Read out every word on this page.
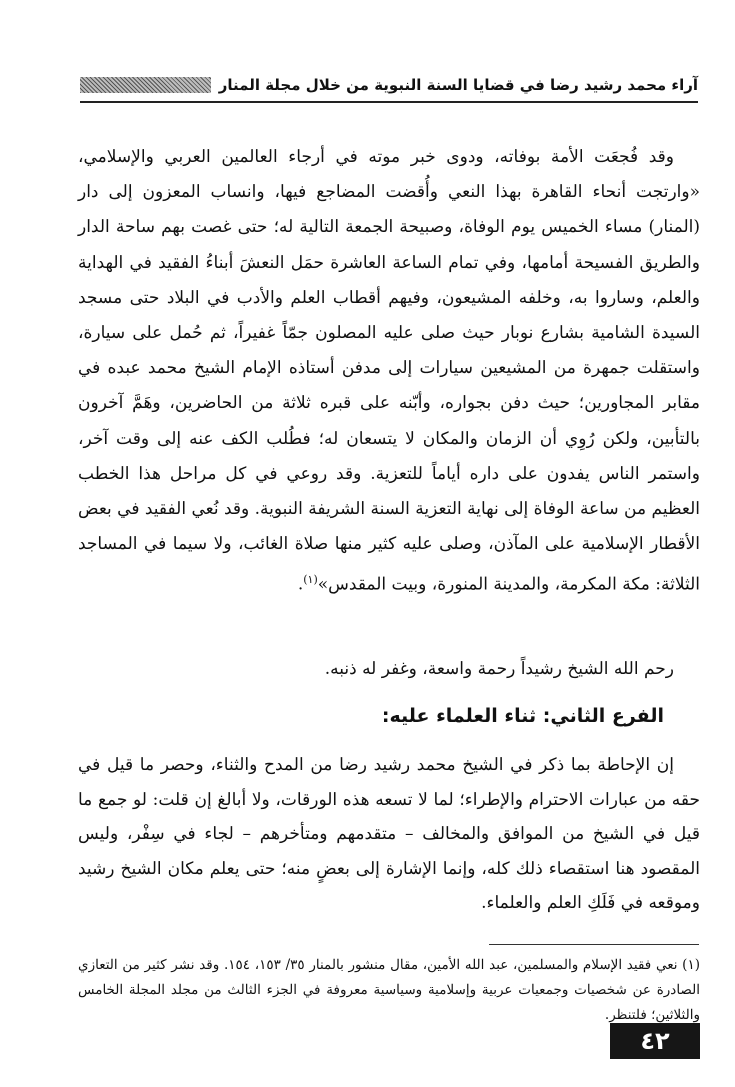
آراء محمد رشيد رضا في قضايا السنة النبوية من خلال مجلة المنار

وقد فُجعَت الأمة بوفاته، ودوى خبر موته في أرجاء العالمين العربي والإسلامي، «وارتجت أنحاء القاهرة بهذا النعي وأُقضت المضاجع فيها، وانساب المعزون إلى دار (المنار) مساء الخميس يوم الوفاة، وصبيحة الجمعة التالية له؛ حتى غصت بهم ساحة الدار والطريق الفسيحة أمامها، وفي تمام الساعة العاشرة حمَل النعشَ أبناءُ الفقيد في الهداية والعلم، وساروا به، وخلفه المشيعون، وفيهم أقطاب العلم والأدب في البلاد حتى مسجد السيدة الشامية بشارع نوبار حيث صلى عليه المصلون جمّاً غفيراً، ثم حُمل على سيارة، واستقلت جمهرة من المشيعين سيارات إلى مدفن أستاذه الإمام الشيخ محمد عبده في مقابر المجاورين؛ حيث دفن بجواره، وأبّنه على قبره ثلاثة من الحاضرين، وهَمَّ آخرون بالتأبين، ولكن رُوِي أن الزمان والمكان لا يتسعان له؛ فطُلب الكف عنه إلى وقت آخر، واستمر الناس يفدون على داره أياماً للتعزية. وقد روعي في كل مراحل هذا الخطب العظيم من ساعة الوفاة إلى نهاية التعزية السنة الشريفة النبوية. وقد نُعي الفقيد في بعض الأقطار الإسلامية على المآذن، وصلى عليه كثير منها صلاة الغائب، ولا سيما في المساجد الثلاثة: مكة المكرمة، والمدينة المنورة، وبيت المقدس»$^{(١)}$.

رحم الله الشيخ رشيداً رحمة واسعة، وغفر له ذنبه.
الفرع الثاني: ثناء العلماء عليه:
إن الإحاطة بما ذكر في الشيخ محمد رشيد رضا من المدح والثناء، وحصر ما قيل في حقه من عبارات الاحترام والإطراء؛ لما لا تسعه هذه الورقات، ولا أبالغ إن قلت: لو جمع ما قيل في الشيخ من الموافق والمخالف – متقدمهم ومتأخرهم – لجاء في سِفْر، وليس المقصود هنا استقصاء ذلك كله، وإنما الإشارة إلى بعضٍ منه؛ حتى يعلم مكان الشيخ رشيد وموقعه في فَلَكِ العلم والعلماء.
(١) نعي فقيد الإسلام والمسلمين، عبد الله الأمين، مقال منشور بالمنار ٣٥/ ١٥٣، ١٥٤. وقد نشر كثير من التعازي الصادرة عن شخصيات وجمعيات عربية وإسلامية وسياسية معروفة في الجزء الثالث من مجلد المجلة الخامس والثلاثين؛ فلتنظر.
٤٢
